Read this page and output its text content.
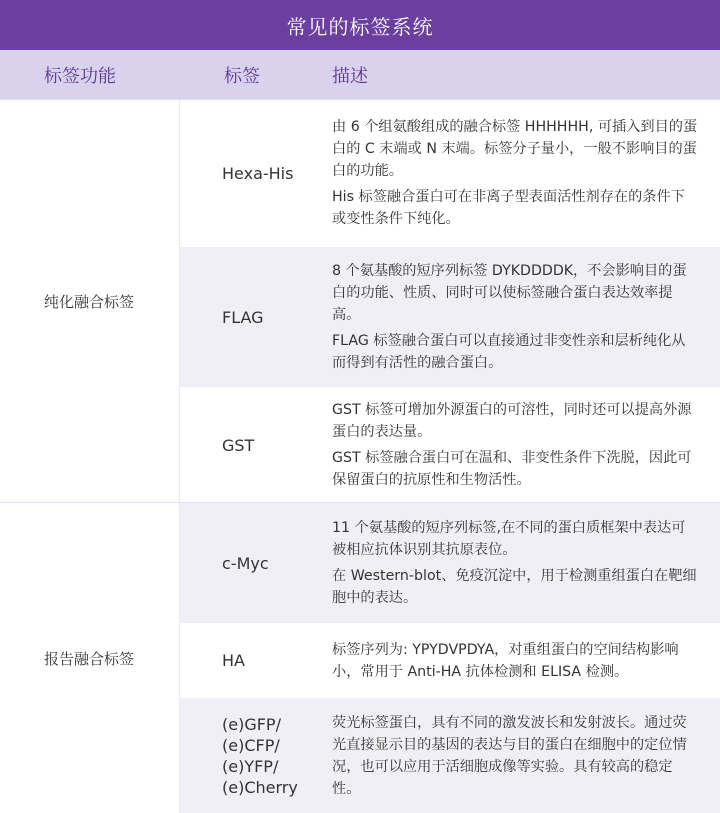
常见的标签系统
标签功能	标签	描述
纯化融合标签
Hexa-His

由 6 个组氨酸组成的融合标签 HHHHHH, 可插入到目的蛋白的 C 末端或 N 末端。标签分子量小，一般不影响目的蛋白的功能。

His 标签融合蛋白可在非离子型表面活性剂存在的条件下或变性条件下纯化。

FLAG

8 个氨基酸的短序列标签 DYKDDDDK，不会影响目的蛋白的功能、性质、同时可以使标签融合蛋白表达效率提高。

FLAG 标签融合蛋白可以直接通过非变性亲和层析纯化从而得到有活性的融合蛋白。

GST

GST 标签可增加外源蛋白的可溶性，同时还可以提高外源蛋白的表达量。

GST 标签融合蛋白可在温和、非变性条件下洗脱，因此可保留蛋白的抗原性和生物活性。

报告融合标签
c-Myc

11 个氨基酸的短序列标签,在不同的蛋白质框架中表达可被相应抗体识别其抗原表位。

在 Western-blot、免疫沉淀中，用于检测重组蛋白在靶细胞中的表达。

HA

标签序列为: YPYDVPDYA，对重组蛋白的空间结构影响小，常用于 Anti-HA 抗体检测和 ELISA 检测。

(e)GFP/
(e)CFP/
(e)YFP/
(e)Cherry

荧光标签蛋白，具有不同的激发波长和发射波长。通过荧光直接显示目的基因的表达与目的蛋白在细胞中的定位情况，也可以应用于活细胞成像等实验。具有较高的稳定性。
